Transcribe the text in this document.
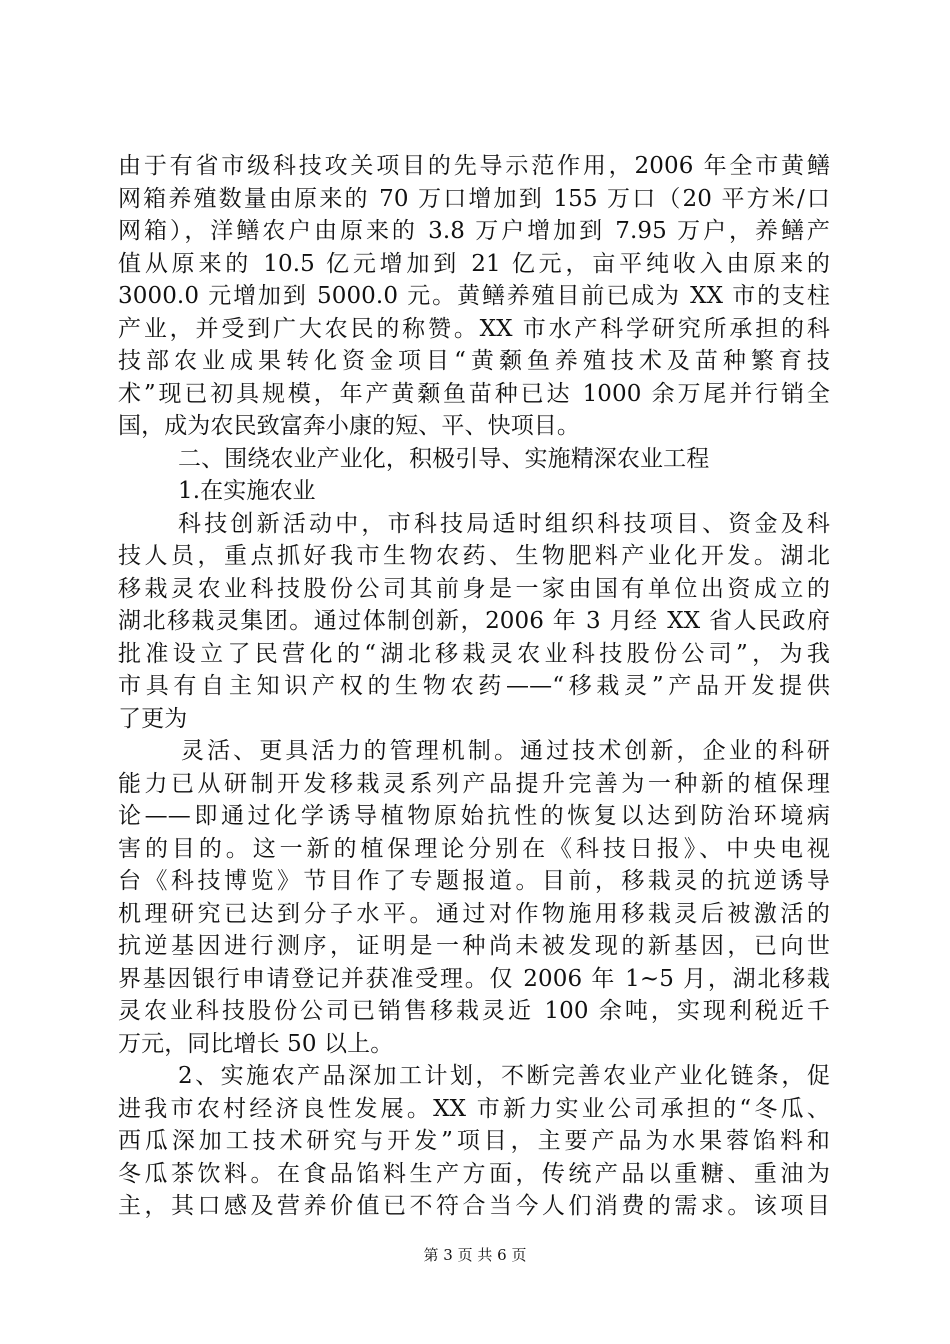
由于有省市级科技攻关项目的先导示范作用，2006 年全市黄鳝
网箱养殖数量由原来的 70 万口增加到 155 万口（20 平方米/口
网箱），洋鳝农户由原来的 3.8 万户增加到 7.95 万户，养鳝产
值从原来的 10.5 亿元增加到 21 亿元，亩平纯收入由原来的
3000.0 元增加到 5000.0 元。黄鳝养殖目前已成为 XX 市的支柱
产业，并受到广大农民的称赞。XX 市水产科学研究所承担的科
技部农业成果转化资金项目“黄颡鱼养殖技术及苗种繁育技
术”现已初具规模，年产黄颡鱼苗种已达 1000 余万尾并行销全
国，成为农民致富奔小康的短、平、快项目。
二、围绕农业产业化，积极引导、实施精深农业工程
1.在实施农业
科技创新活动中，市科技局适时组织科技项目、资金及科
技人员，重点抓好我市生物农药、生物肥料产业化开发。湖北
移栽灵农业科技股份公司其前身是一家由国有单位出资成立的
湖北移栽灵集团。通过体制创新，2006 年 3 月经 XX 省人民政府
批准设立了民营化的“湖北移栽灵农业科技股份公司”，为我
市具有自主知识产权的生物农药——“移栽灵”产品开发提供
了更为
灵活、更具活力的管理机制。通过技术创新，企业的科研
能力已从研制开发移栽灵系列产品提升完善为一种新的植保理
论——即通过化学诱导植物原始抗性的恢复以达到防治环境病
害的目的。这一新的植保理论分别在《科技日报》、中央电视
台《科技博览》节目作了专题报道。目前，移栽灵的抗逆诱导
机理研究已达到分子水平。通过对作物施用移栽灵后被激活的
抗逆基因进行测序，证明是一种尚未被发现的新基因，已向世
界基因银行申请登记并获准受理。仅 2006 年 1~5 月，湖北移栽
灵农业科技股份公司已销售移栽灵近 100 余吨，实现利税近千
万元，同比增长 50 以上。
2、实施农产品深加工计划，不断完善农业产业化链条，促
进我市农村经济良性发展。XX 市新力实业公司承担的“冬瓜、
西瓜深加工技术研究与开发”项目，主要产品为水果蓉馅料和
冬瓜茶饮料。在食品馅料生产方面，传统产品以重糖、重油为
主，其口感及营养价值已不符合当今人们消费的需求。该项目
第 3 页 共 6 页
